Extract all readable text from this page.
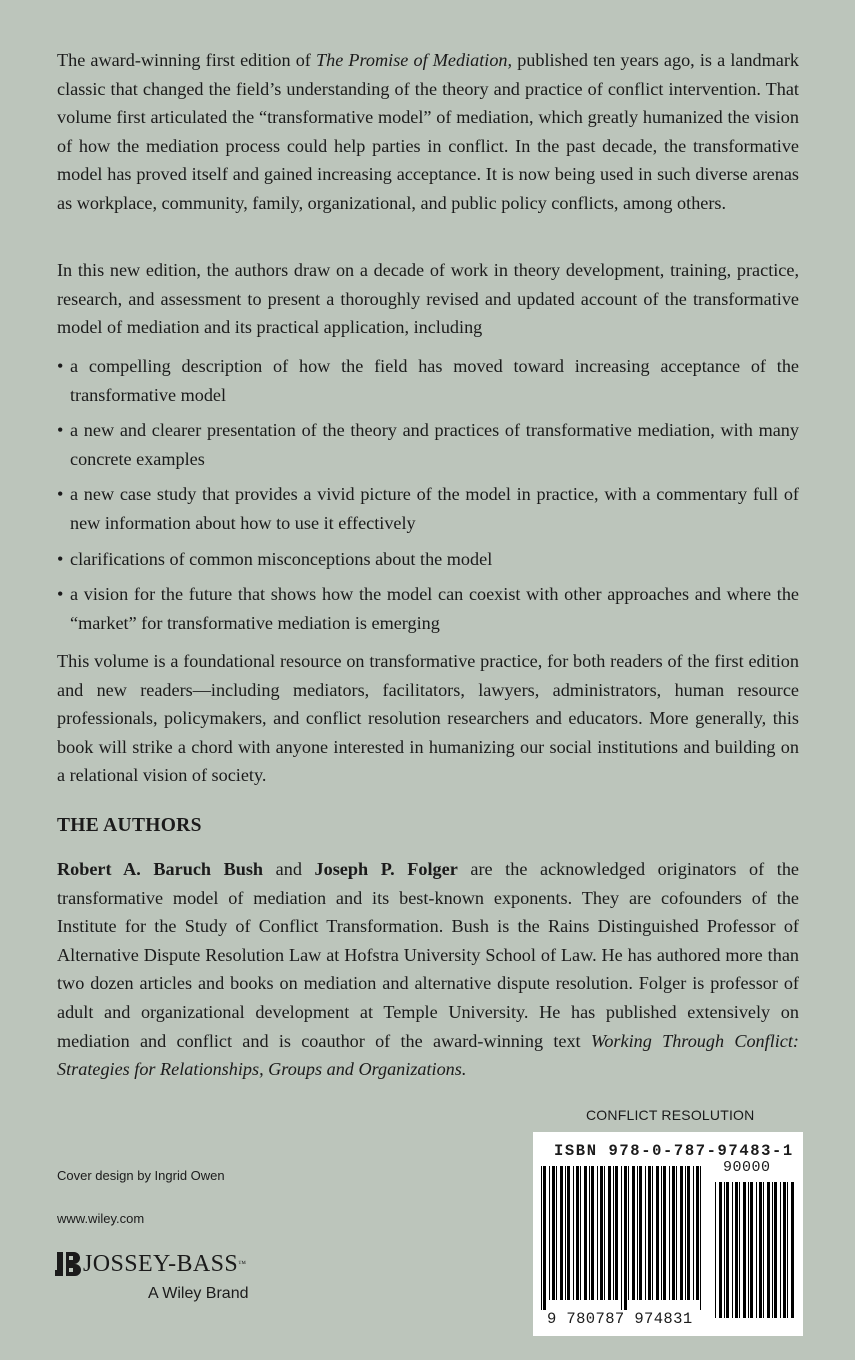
The award-winning first edition of The Promise of Mediation, published ten years ago, is a landmark classic that changed the field’s understanding of the theory and practice of conflict intervention. That volume first articulated the “transformative model” of mediation, which greatly humanized the vision of how the mediation process could help parties in conflict. In the past decade, the transformative model has proved itself and gained increasing acceptance. It is now being used in such diverse arenas as workplace, community, family, organizational, and public policy conflicts, among others.

In this new edition, the authors draw on a decade of work in theory development, training, practice, research, and assessment to present a thoroughly revised and updated account of the transformative model of mediation and its practical application, including

• a compelling description of how the field has moved toward increasing acceptance of the transformative model
• a new and clearer presentation of the theory and practices of transformative mediation, with many concrete examples
• a new case study that provides a vivid picture of the model in practice, with a commentary full of new information about how to use it effectively
• clarifications of common misconceptions about the model
• a vision for the future that shows how the model can coexist with other approaches and where the “market” for transformative mediation is emerging

This volume is a foundational resource on transformative practice, for both readers of the first edition and new readers—including mediators, facilitators, lawyers, administrators, human resource professionals, policymakers, and conflict resolution researchers and educators. More generally, this book will strike a chord with anyone interested in humanizing our social institutions and building on a relational vision of society.

THE AUTHORS

Robert A. Baruch Bush and Joseph P. Folger are the acknowledged originators of the transformative model of mediation and its best-known exponents. They are cofounders of the Institute for the Study of Conflict Transformation. Bush is the Rains Distinguished Professor of Alternative Dispute Resolution Law at Hofstra University School of Law. He has authored more than two dozen articles and books on mediation and alternative dispute resolution. Folger is professor of adult and organizational development at Temple University. He has published extensively on mediation and conflict and is coauthor of the award-winning text Working Through Conflict: Strategies for Relationships, Groups and Organizations.

CONFLICT RESOLUTION
ISBN 978-0-787-97483-1
90000
9 780787 974831
Cover design by Ingrid Owen
www.wiley.com
JOSSEY-BASS™
A Wiley Brand
